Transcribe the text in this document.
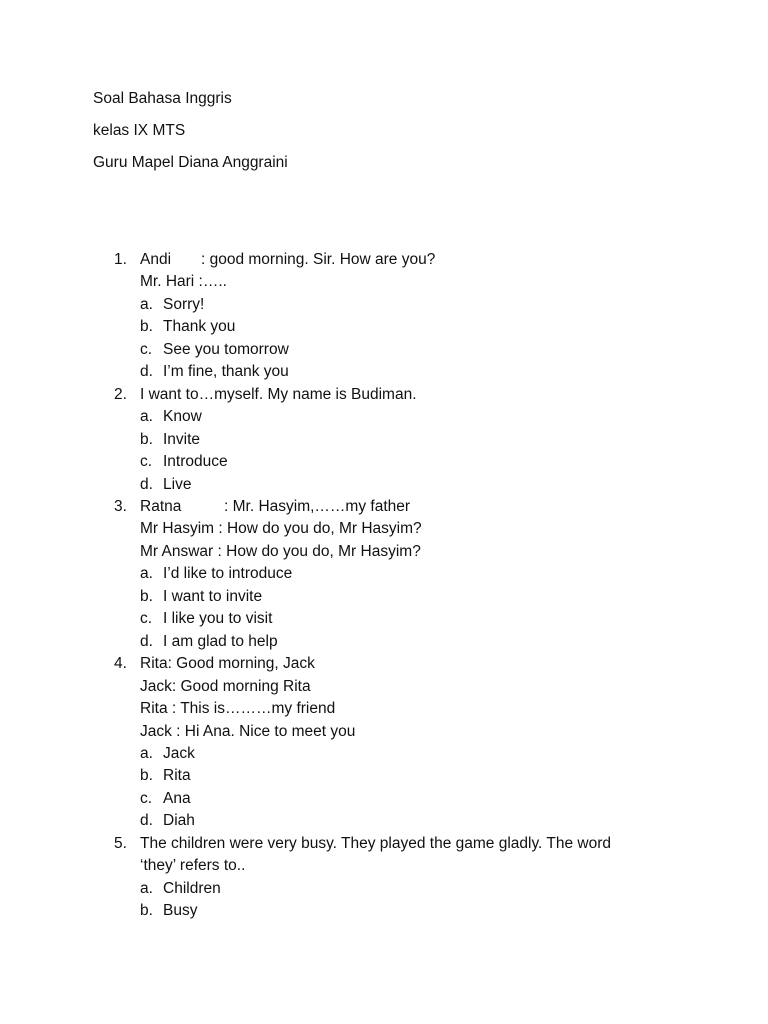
Soal Bahasa Inggris
kelas IX MTS
Guru Mapel Diana Anggraini
1. Andi : good morning. Sir. How are you?
Mr. Hari :…..
a. Sorry!
b. Thank you
c. See you tomorrow
d. I’m fine, thank you
2. I want to…myself. My name is Budiman.
a. Know
b. Invite
c. Introduce
d. Live
3. Ratna	: Mr. Hasyim,……my father
Mr Hasyim : How do you do, Mr Hasyim?
Mr Answar : How do you do, Mr Hasyim?
a. I’d like to introduce
b. I want to invite
c. I like you to visit
d. I am glad to help
4. Rita: Good morning, Jack
Jack: Good morning Rita
Rita : This is………my friend
Jack : Hi Ana. Nice to meet you
a. Jack
b. Rita
c. Ana
d. Diah
5. The children were very busy. They played the game gladly. The word ‘they’ refers to..
a. Children
b. Busy
